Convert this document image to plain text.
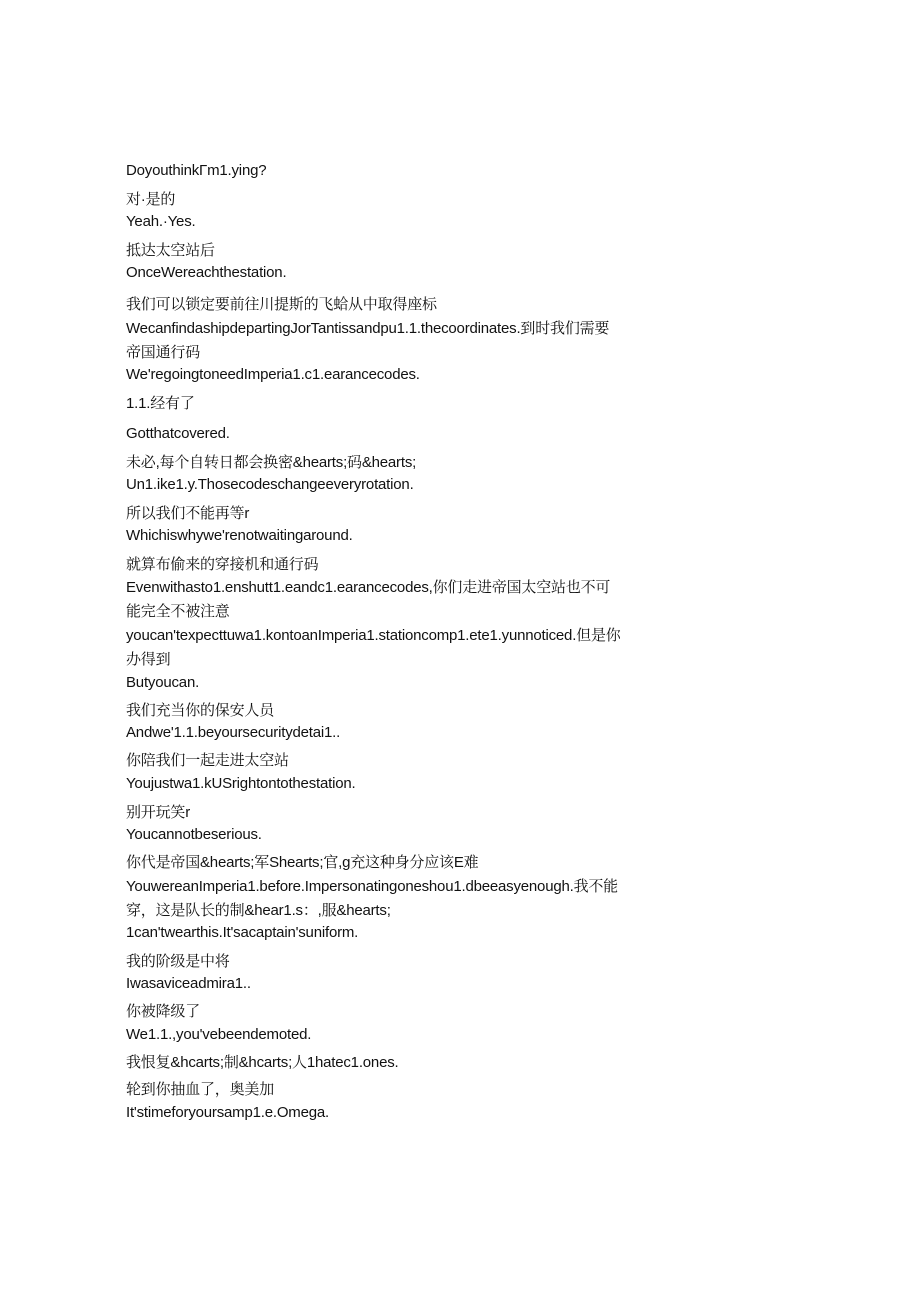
DoyouthinkΓm1.ying?
对·是的
Yeah.·Yes.
抵达太空站后
OnceWereachthestation.
我们可以锁定要前往川提斯的飞蛤从中取得座标
WecanfindashipdepartingJorTantissandpu1.1.thecoordinates.到时我们需要
帝国通行码
We'regoingtoneedImperia1.c1.earancecodes.
1.1.经有了
Gotthatcovered.
未必,每个自转日都会换密&hearts;码&hearts;
Un1.ike1.y.Thosecodeschangeeveryrotation.
所以我们不能再等r
Whichiswhywe'renotwaitingaround.
就算布偷来的穿接机和通行码
Evenwithasto1.enshutt1.eandc1.earancecodes,你们走进帝国太空站也不可
能完全不被注意
youcan'texpecttuwa1.kontoanImperia1.stationcomp1.ete1.yunnoticed.但是你
办得到
Butyoucan.
我们充当你的保安人员
Andwe'1.1.beyoursecuritydetai1..
你陪我们一起走进太空站
Youjustwa1.kUSrightontothestation.
别开玩笑r
Youcannotbeserious.
你代是帝国&hearts;军Shearts;官,g充这种身分应该E难
YouwereanImperia1.before.Impersonatingoneshou1.dbeeasyenough.我不能
穿，这是队长的制&hear1.s：,服&hearts;
1can'twearthis.It'sacaptain'suniform.
我的阶级是中将
Iwasaviceadmira1..
你被降级了
We1.1.,you'vebeendemoted.
我恨复&hcarts;制&hcarts;人1hatec1.ones.
轮到你抽血了，奥美加
It'stimeforyoursamp1.e.Omega.
